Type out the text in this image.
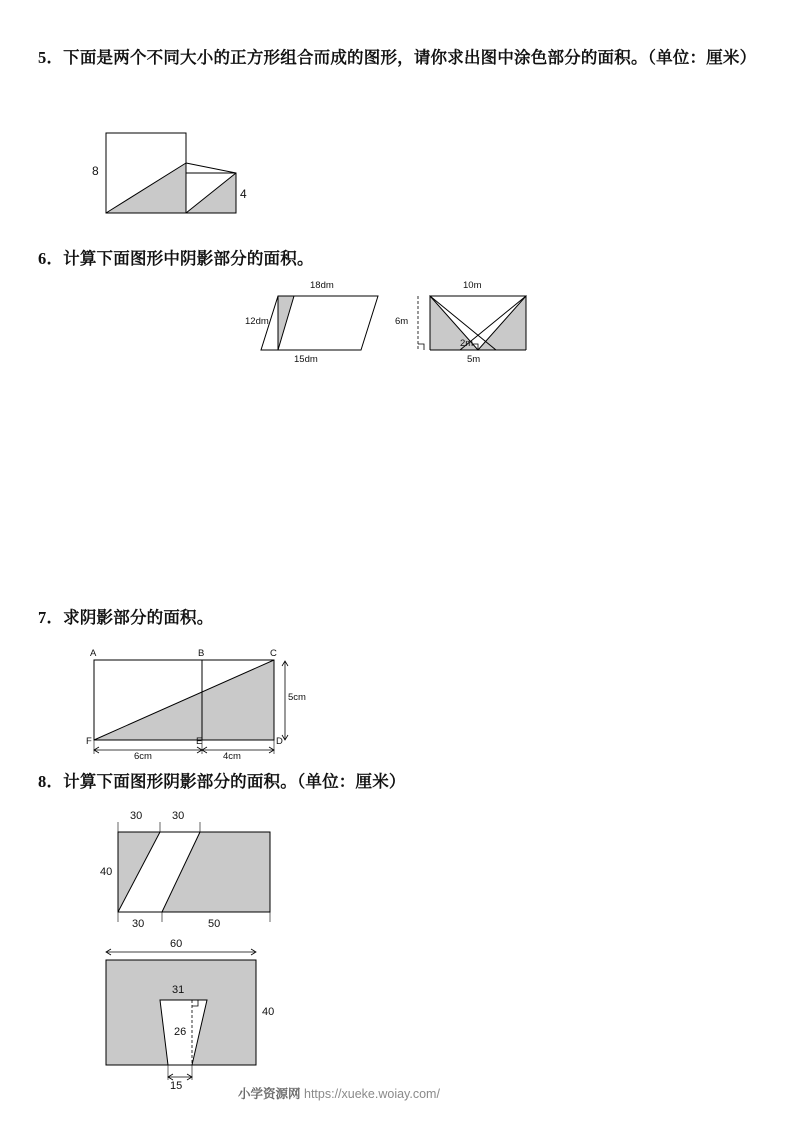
5．下面是两个不同大小的正方形组合而成的图形，请你求出图中涂色部分的面积。（单位：厘米）
8
4
6．计算下面图形中阴影部分的面积。
18dm
12dm
15dm
10m
6m
2m
5m
7．求阴影部分的面积。
A	B	C
F	E	D
5cm
6cm	4cm
8．计算下面图形阴影部分的面积。（单位：厘米）
30	30
40
30	50
60
31
26
40
15
小学资源网 https://xueke.woiay.com/
